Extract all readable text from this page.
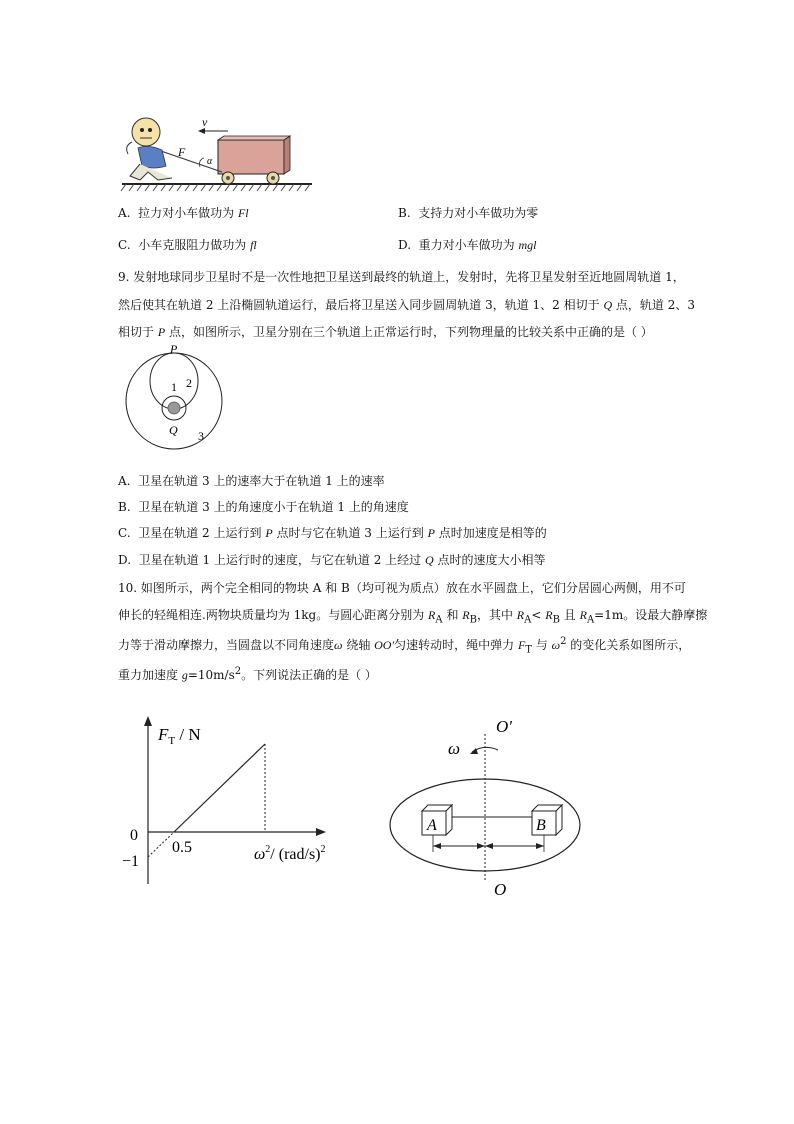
v
F
α
A. 拉力对小车做功为 Fl	B. 支持力对小车做功为零
C. 小车克服阻力做功为 fl	D. 重力对小车做功为 mgl
9. 发射地球同步卫星时不是一次性地把卫星送到最终的轨道上，发射时，先将卫星发射至近地圆周轨道 1，
然后使其在轨道 2 上沿椭圆轨道运行，最后将卫星送入同步圆周轨道 3，轨道 1、2 相切于 Q 点，轨道 2、3
相切于 P 点，如图所示，卫星分别在三个轨道上正常运行时，下列物理量的比较关系中正确的是（ ）
P
Q
1 2
3
A. 卫星在轨道 3 上的速率大于在轨道 1 上的速率
B. 卫星在轨道 3 上的角速度小于在轨道 1 上的角速度
C. 卫星在轨道 2 上运行到 P 点时与它在轨道 3 上运行到 P 点时加速度是相等的
D. 卫星在轨道 1 上运行时的速度，与它在轨道 2 上经过 Q 点时的速度大小相等
10. 如图所示，两个完全相同的物块 A 和 B（均可视为质点）放在水平圆盘上，它们分居圆心两侧，用不可
伸长的轻绳相连.两物块质量均为 1kg。与圆心距离分别为 $R_A$ 和 $R_B$，其中 $R_A< R_B$ 且 $R_A=1m$。设最大静摩擦
力等于滑动摩擦力，当圆盘以不同角速度ω 绕轴 OO′匀速转动时，绳中弹力 $F_T$ 与 $\omega^2$ 的变化关系如图所示，
重力加速度 $g=10m/s^2$。下列说法正确的是（ ）
$F_T$ / N
0
−1
0.5	$\omega^2/$ $(rad/s)^2$
O′
O
ω
A	B
